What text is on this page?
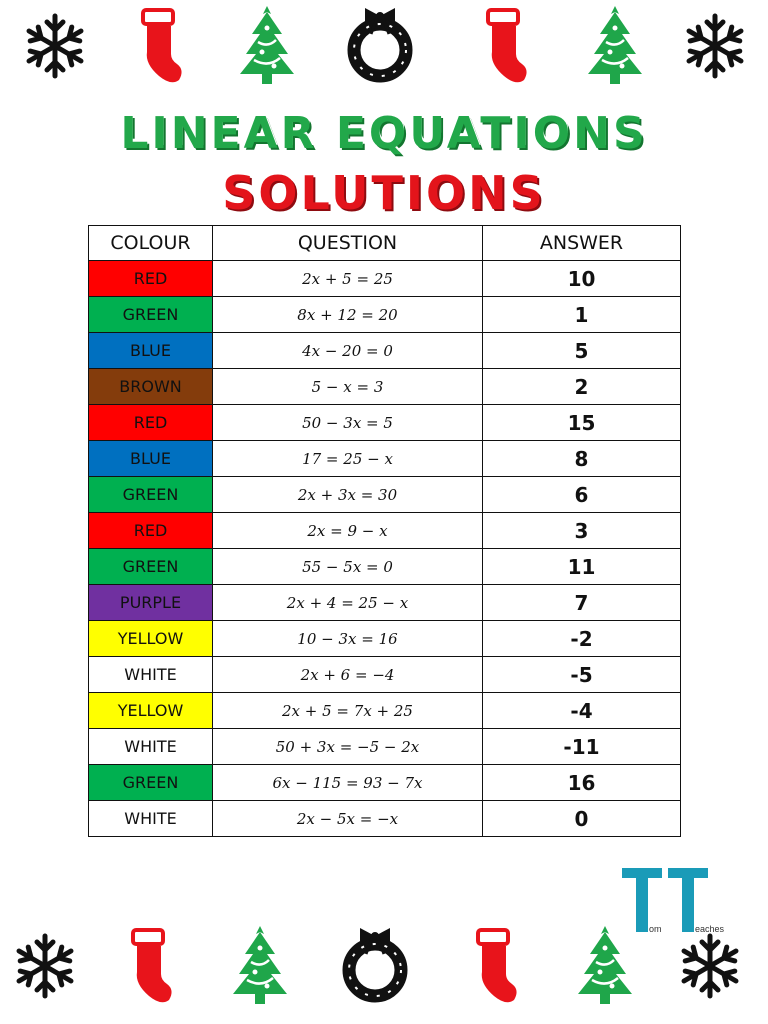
LINEAR EQUATIONS
SOLUTIONS
COLOUR	QUESTION	ANSWER
RED	2x + 5 = 25	10
GREEN	8x + 12 = 20	1
BLUE	4x − 20 = 0	5
BROWN	5 − x = 3	2
RED	50 − 3x = 5	15
BLUE	17 = 25 − x	8
GREEN	2x + 3x = 30	6
RED	2x = 9 − x	3
GREEN	55 − 5x = 0	11
PURPLE	2x + 4 = 25 − x	7
YELLOW	10 − 3x = 16	-2
WHITE	2x + 6 = −4	-5
YELLOW	2x + 5 = 7x + 25	-4
WHITE	50 + 3x = −5 − 2x	-11
GREEN	6x − 115 = 93 − 7x	16
WHITE	2x − 5x = −x	0
om	eaches
